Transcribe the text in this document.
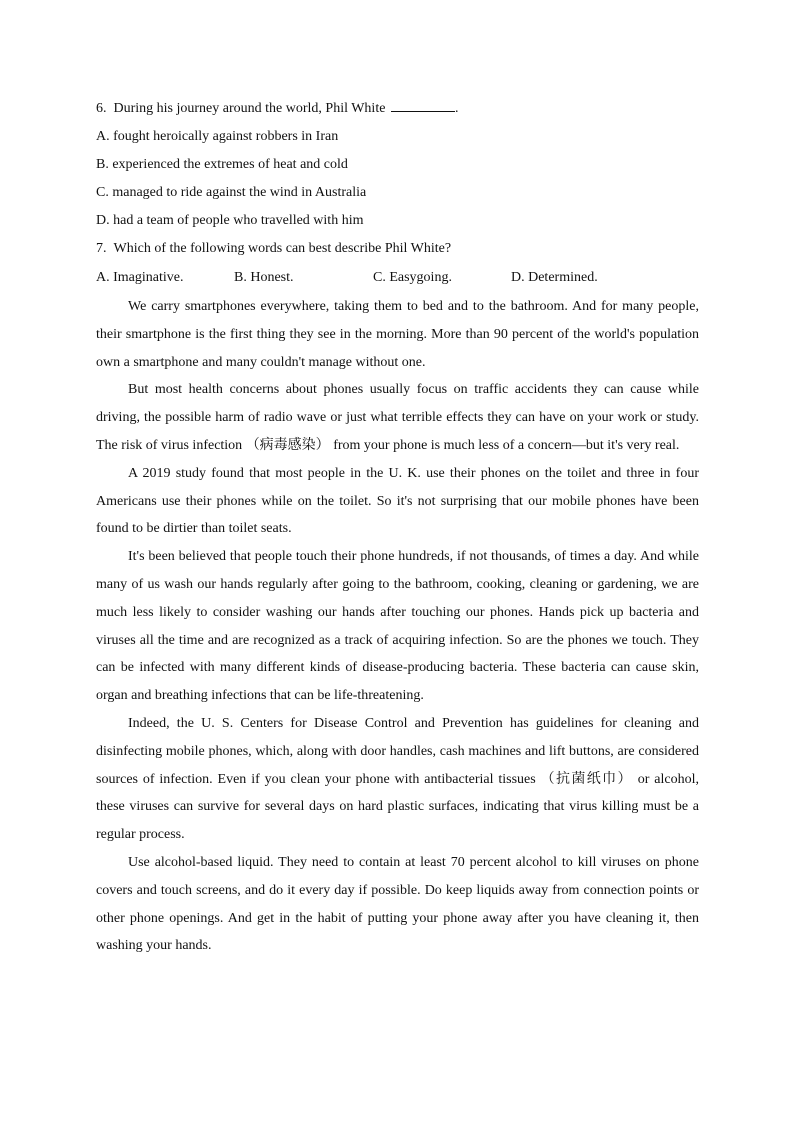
6. During his journey around the world, Phil White	.

A. fought heroically against robbers in Iran

B. experienced the extremes of heat and cold

C. managed to ride against the wind in Australia

D. had a team of people who travelled with him

7. Which of the following words can best describe Phil White?

A. Imaginative.	B. Honest.	C. Easygoing.	D. Determined.

We carry smartphones everywhere, taking them to bed and to the bathroom. And for many people, their smartphone is the first thing they see in the morning. More than 90 percent of the world's population own a smartphone and many couldn't manage without one.

But most health concerns about phones usually focus on traffic accidents they can cause while driving, the possible harm of radio wave or just what terrible effects they can have on your work or study. The risk of virus infection （病毒感染） from your phone is much less of a concern—but it's very real.

A 2019 study found that most people in the U. K. use their phones on the toilet and three in four Americans use their phones while on the toilet. So it's not surprising that our mobile phones have been found to be dirtier than toilet seats.

It's been believed that people touch their phone hundreds, if not thousands, of times a day. And while many of us wash our hands regularly after going to the bathroom, cooking, cleaning or gardening, we are much less likely to consider washing our hands after touching our phones. Hands pick up bacteria and viruses all the time and are recognized as a track of acquiring infection. So are the phones we touch. They can be infected with many different kinds of disease-producing bacteria. These bacteria can cause skin, organ and breathing infections that can be life-threatening.

Indeed, the U. S. Centers for Disease Control and Prevention has guidelines for cleaning and disinfecting mobile phones, which, along with door handles, cash machines and lift buttons, are considered sources of infection. Even if you clean your phone with antibacterial tissues （抗菌纸巾） or alcohol, these viruses can survive for several days on hard plastic surfaces, indicating that virus killing must be a regular process.

Use alcohol-based liquid. They need to contain at least 70 percent alcohol to kill viruses on phone covers and touch screens, and do it every day if possible. Do keep liquids away from connection points or other phone openings. And get in the habit of putting your phone away after you have cleaning it, then washing your hands.
